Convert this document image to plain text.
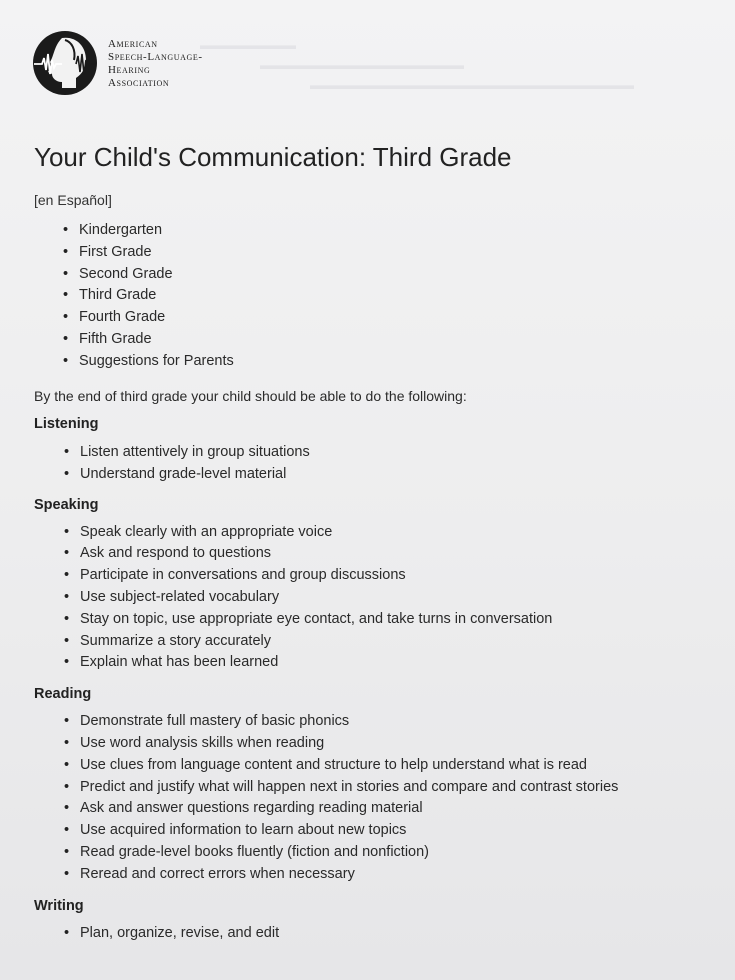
▬▬▬▬▬▬▬▬
▬▬▬▬▬▬▬▬▬▬▬▬▬▬▬▬▬
▬▬▬▬▬▬▬▬▬▬▬▬▬▬▬▬▬▬▬▬▬▬▬▬▬▬▬
American
Speech-Language-
Hearing
Association
Your Child's Communication: Third Grade
[en Español]
• Kindergarten
• First Grade
• Second Grade
• Third Grade
• Fourth Grade
• Fifth Grade
• Suggestions for Parents
By the end of third grade your child should be able to do the following:
Listening
• Listen attentively in group situations
• Understand grade-level material
Speaking
• Speak clearly with an appropriate voice
• Ask and respond to questions
• Participate in conversations and group discussions
• Use subject-related vocabulary
• Stay on topic, use appropriate eye contact, and take turns in conversation
• Summarize a story accurately
• Explain what has been learned
Reading
• Demonstrate full mastery of basic phonics
• Use word analysis skills when reading
• Use clues from language content and structure to help understand what is read
• Predict and justify what will happen next in stories and compare and contrast stories
• Ask and answer questions regarding reading material
• Use acquired information to learn about new topics
• Read grade-level books fluently (fiction and nonfiction)
• Reread and correct errors when necessary
Writing
• Plan, organize, revise, and edit
